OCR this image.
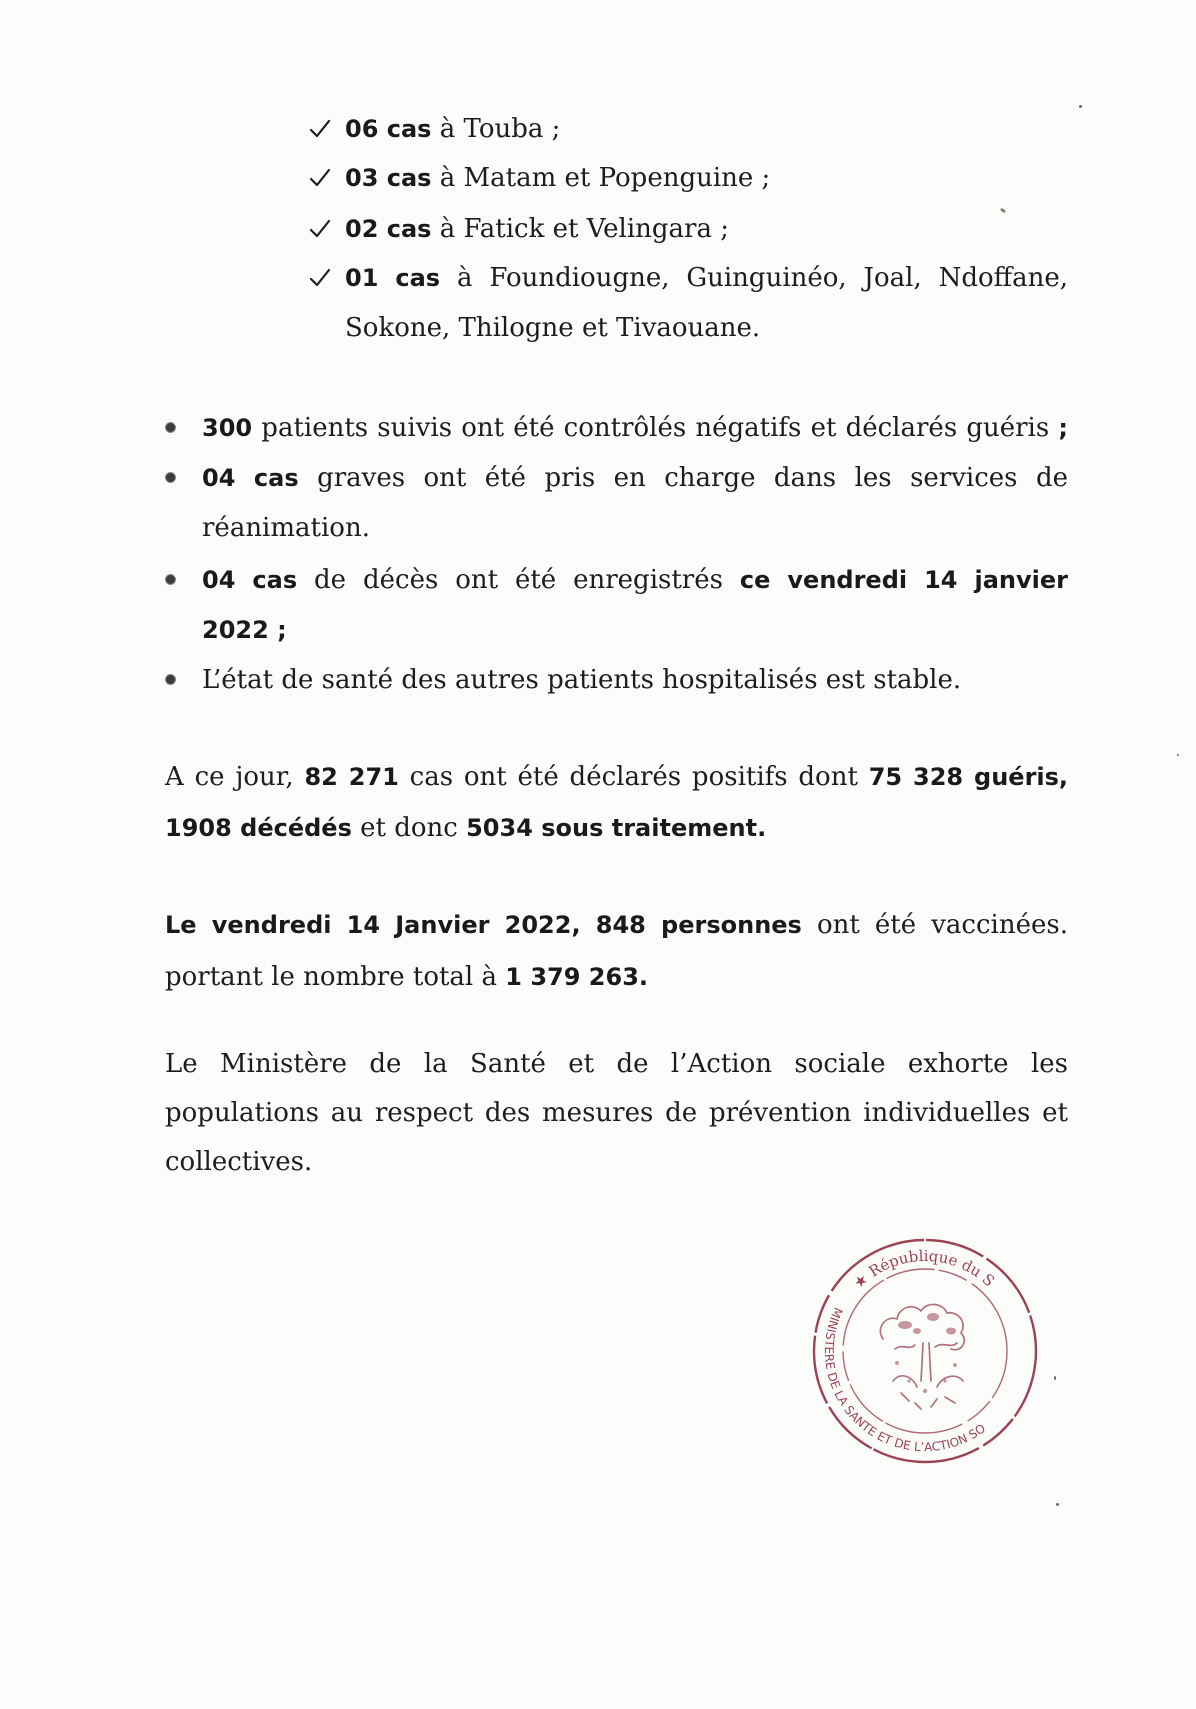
06 cas à Touba ;
03 cas à Matam et Popenguine ;
02 cas à Fatick et Velingara ;
01 cas à Foundiougne, Guinguinéo, Joal, Ndoffane,
Sokone, Thilogne et Tivaouane.
300 patients suivis ont été contrôlés négatifs et déclarés guéris ;
04 cas graves ont été pris en charge dans les services de
réanimation.
04 cas de décès ont été enregistrés ce vendredi 14 janvier
2022 ;
L’état de santé des autres patients hospitalisés est stable.
A ce jour, 82 271 cas ont été déclarés positifs dont 75 328 guéris,
1908 décédés et donc 5034 sous traitement.
Le vendredi 14 Janvier 2022, 848 personnes ont été vaccinées.
portant le nombre total à 1 379 263.
Le Ministère de la Santé et de l’Action sociale exhorte les
populations au respect des mesures de prévention individuelles et
collectives.
★ République du S
MINISTERE DE LA SANTE ET DE L’ACTION SO
